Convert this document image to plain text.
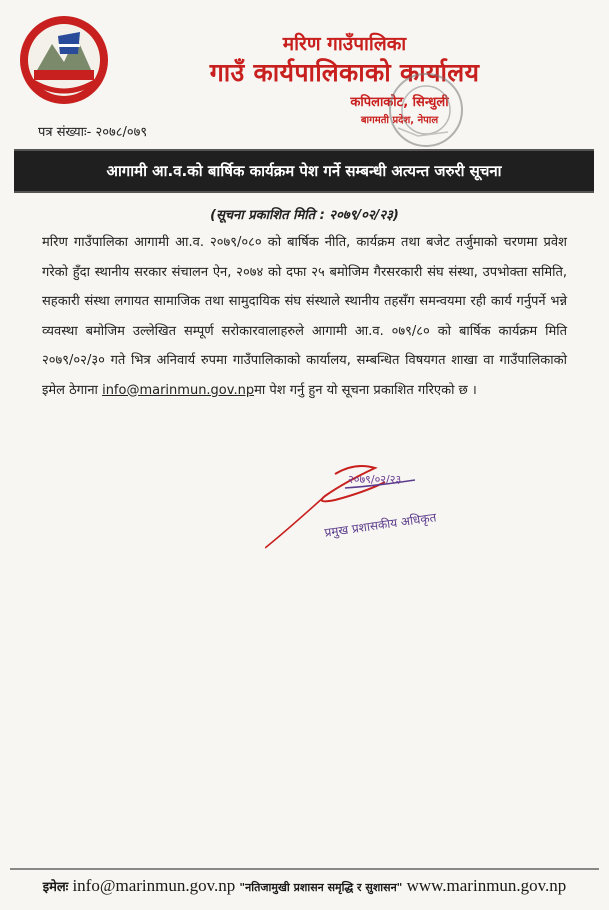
मरिण गाउँपालिका
गाउँ कार्यपालिकाको कार्यालय
कपिलाकोट, सिन्धुली
बागमती प्रदेश, नेपाल
पत्र संख्याः- २०७८/०७९
आगामी आ.व.को बार्षिक कार्यक्रम पेश गर्ने सम्बन्धी अत्यन्त जरुरी सूचना
(सूचना प्रकाशित मिति : २०७९/०२/२३)
मरिण गाउँपालिका आगामी आ.व. २०७९/०८० को बार्षिक नीति, कार्यक्रम तथा बजेट तर्जुमाको चरणमा प्रवेश गरेको हुँदा स्थानीय सरकार संचालन ऐन, २०७४ को दफा २५ बमोजिम गैरसरकारी संघ संस्था, उपभोक्ता समिति, सहकारी संस्था लगायत सामाजिक तथा सामुदायिक संघ संस्थाले स्थानीय तहसँग समन्वयमा रही कार्य गर्नुपर्ने भन्ने व्यवस्था बमोजिम उल्लेखित सम्पूर्ण सरोकारवालाहरुले आगामी आ.व. ०७९/८० को बार्षिक कार्यक्रम मिति २०७९/०२/३० गते भित्र अनिवार्य रुपमा गाउँपालिकाको कार्यालय, सम्बन्धित विषयगत शाखा वा गाउँपालिकाको इमेल ठेगाना info@marinmun.gov.npमा पेश गर्नु हुन यो सूचना प्रकाशित गरिएको छ ।
२०७९/०२/२३
प्रमुख प्रशासकीय अधिकृत
इमेलः info@marinmun.gov.np "नतिजामुखी प्रशासन समृद्धि र सुशासन" www.marinmun.gov.np
